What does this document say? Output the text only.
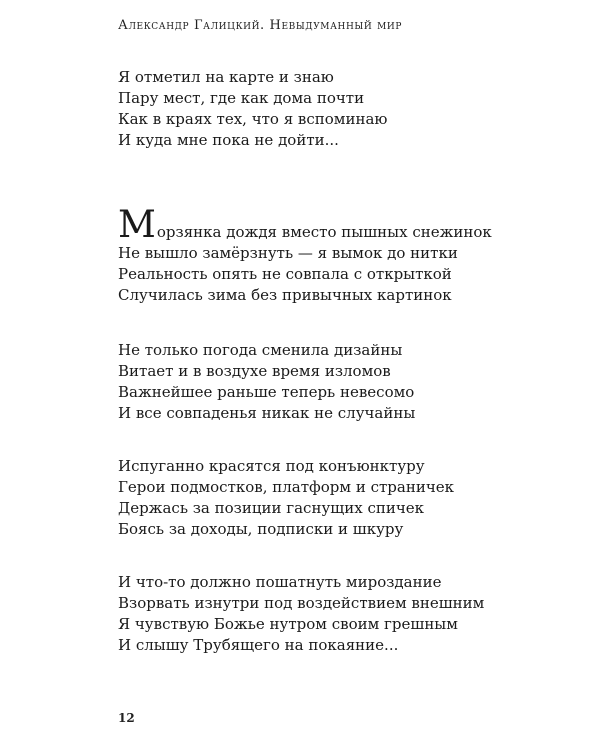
Александр Галицкий. Невыдуманный мир
Я отметил на карте и знаю
Пару мест, где как дома почти
Как в краях тех, что я вспоминаю
И куда мне пока не дойти...
Морзянка дождя вместо пышных снежинок
Не вышло замёрзнуть — я вымок до нитки
Реальность опять не совпала с открыткой
Случилась зима без привычных картинок
Не только погода сменила дизайны
Витает и в воздухе время изломов
Важнейшее раньше теперь невесомо
И все совпаденья никак не случайны
Испуганно красятся под конъюнктуру
Герои подмостков, платформ и страничек
Держась за позиции гаснущих спичек
Боясь за доходы, подписки и шкуру
И что-то должно пошатнуть мироздание
Взорвать изнутри под воздействием внешним
Я чувствую Божье нутром своим грешным
И слышу Трубящего на покаяние...
12
